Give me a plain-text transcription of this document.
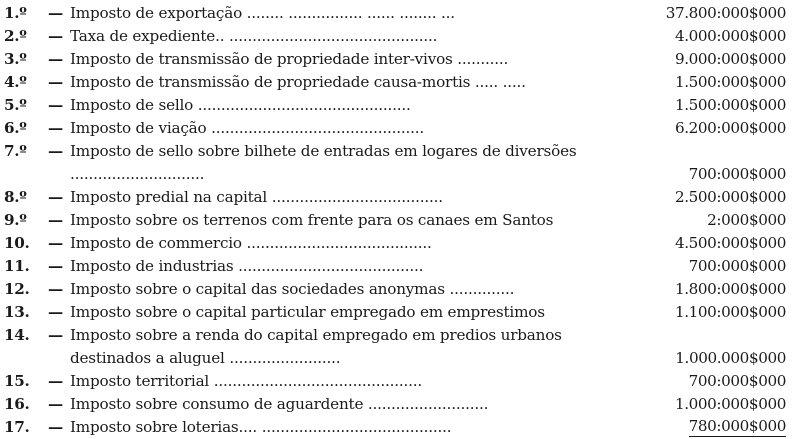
1.º — Imposto de exportação ........ ................ ...... ........ ...	37.800:000$000
2.º — Taxa de expediente.. .............................................	4.000:000$000
3.º — Imposto de transmissão de propriedade inter-vivos ...........	9.000:000$000
4.º — Imposto de transmissão de propriedade causa-mortis ..... .....	1.500:000$000
5.º — Imposto de sello ..............................................	1.500:000$000
6.º — Imposto de viação ..............................................	6.200:000$000
7.º — Imposto de sello sobre bilhete de entradas em logares de diversões .............................	700:000$000
8.º — Imposto predial na capital .....................................	2.500:000$000
9.º — Imposto sobre os terrenos com frente para os canaes em Santos	2:000$000
10. — Imposto de commercio ........................................	4.500:000$000
11. — Imposto de industrias ........................................	700:000$000
12. — Imposto sobre o capital das sociedades anonymas ..............	1.800:000$000
13. — Imposto sobre o capital particular empregado em emprestimos	1.100:000$000
14. — Imposto sobre a renda do capital empregado em predios urbanos destinados a aluguel ........................	1.000.000$000
15. — Imposto territorial .............................................	700:000$000
16. — Imposto sobre consumo de aguardente ..........................	1.000:000$000
17. — Imposto sobre loterias.... .........................................	780:000$000
